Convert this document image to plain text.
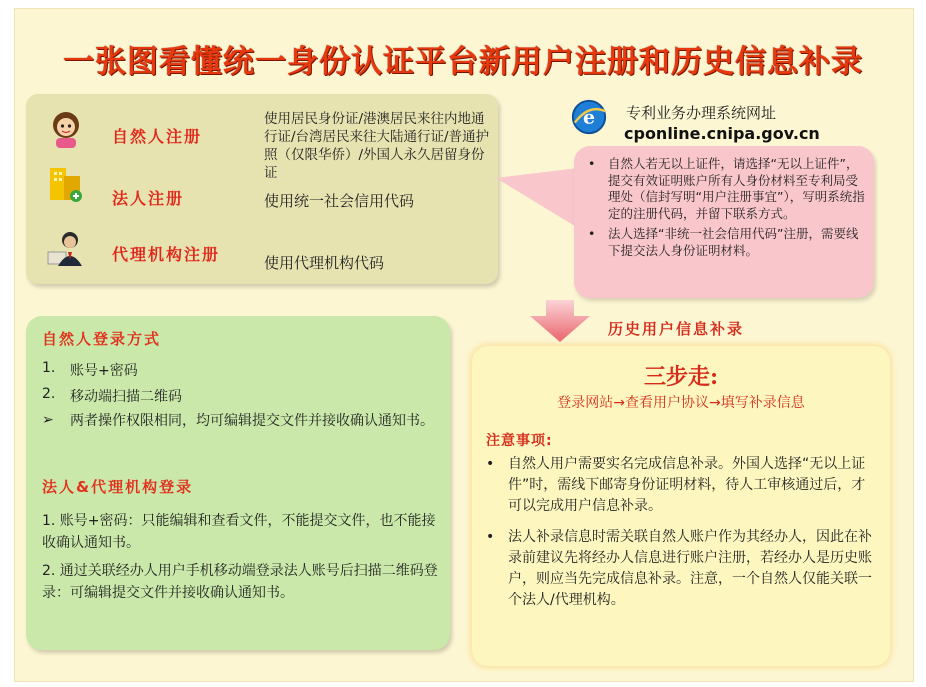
一张图看懂统一身份认证平台新用户注册和历史信息补录
自然人注册
使用居民身份证/港澳居民来往内地通行证/台湾居民来往大陆通行证/普通护照（仅限华侨）/外国人永久居留身份证
法人注册	使用统一社会信用代码
代理机构注册	使用代理机构代码
e 专利业务办理系统网址
cponline.cnipa.gov.cn
• 自然人若无以上证件，请选择“无以上证件”，提交有效证明账户所有人身份材料至专利局受理处（信封写明“用户注册事宜”），写明系统指定的注册代码，并留下联系方式。
• 法人选择“非统一社会信用代码”注册，需要线下提交法人身份证明材料。
历史用户信息补录
自然人登录方式
1. 账号+密码
2. 移动端扫描二维码
➢ 两者操作权限相同，均可编辑提交文件并接收确认通知书。
法人&代理机构登录
1. 账号+密码：只能编辑和查看文件，不能提交文件，也不能接收确认通知书。
2. 通过关联经办人用户手机移动端登录法人账号后扫描二维码登录：可编辑提交文件并接收确认通知书。
三步走:
登录网站→查看用户协议→填写补录信息
注意事项:
• 自然人用户需要实名完成信息补录。外国人选择“无以上证件”时，需线下邮寄身份证明材料，待人工审核通过后，才可以完成用户信息补录。
• 法人补录信息时需关联自然人账户作为其经办人，因此在补录前建议先将经办人信息进行账户注册，若经办人是历史账户，则应当先完成信息补录。注意，一个自然人仅能关联一个法人/代理机构。
